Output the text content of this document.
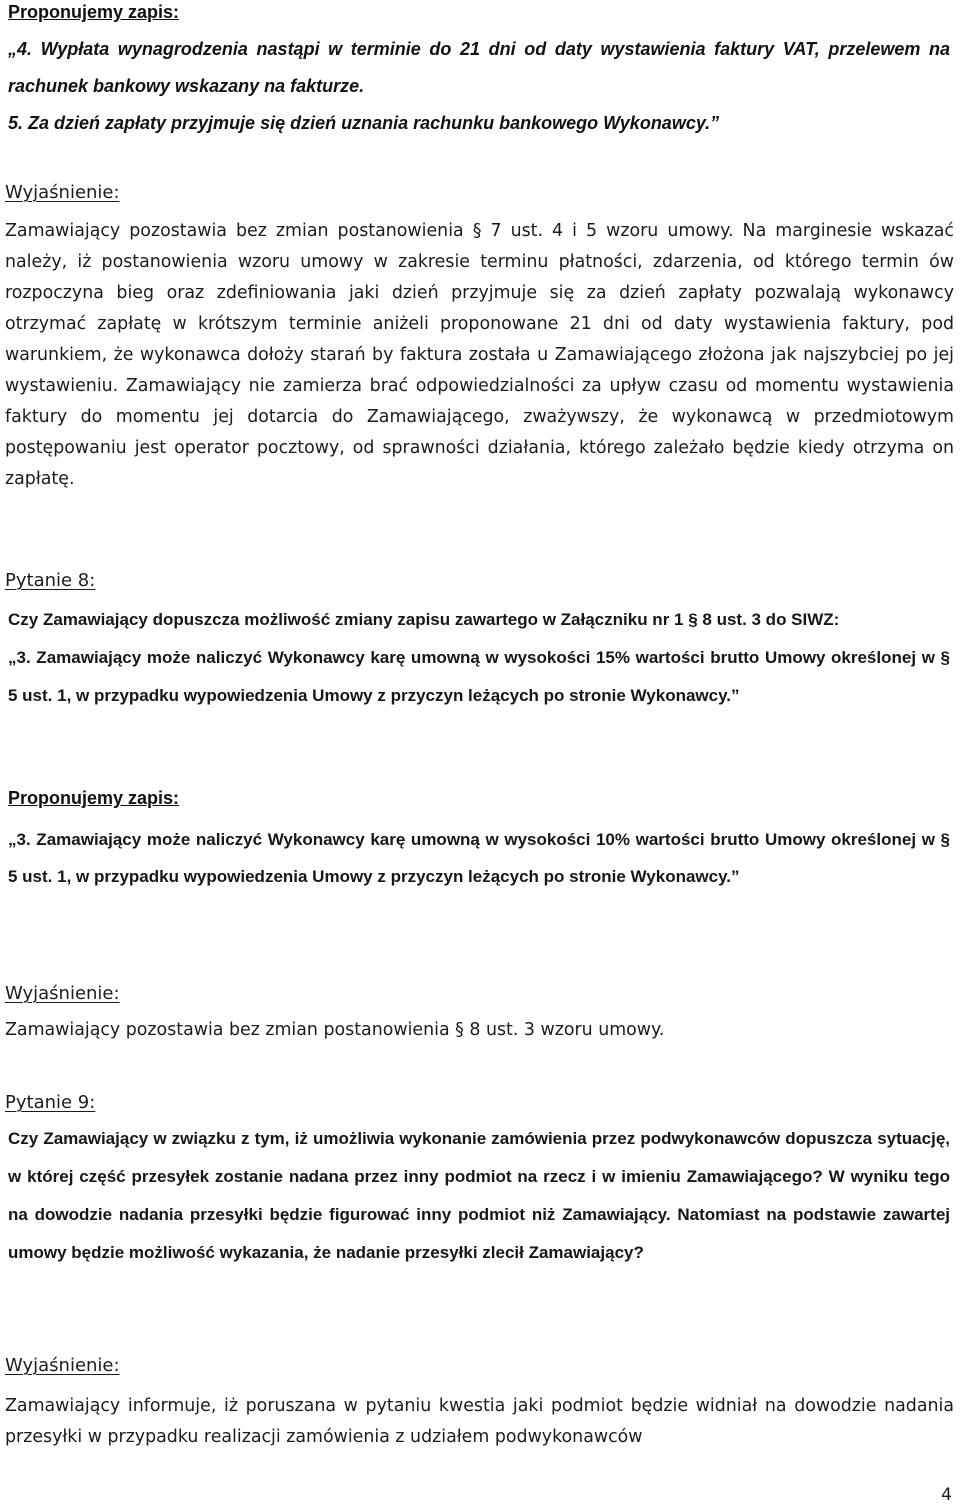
Proponujemy zapis:

„4. Wypłata wynagrodzenia nastąpi w terminie do 21 dni od daty wystawienia faktury VAT, przelewem na rachunek bankowy wskazany na fakturze.

5. Za dzień zapłaty przyjmuje się dzień uznania rachunku bankowego Wykonawcy.”

Wyjaśnienie:

Zamawiający pozostawia bez zmian postanowienia § 7 ust. 4 i 5 wzoru umowy. Na marginesie wskazać należy, iż postanowienia wzoru umowy w zakresie terminu płatności, zdarzenia, od którego termin ów rozpoczyna bieg oraz zdefiniowania jaki dzień przyjmuje się za dzień zapłaty pozwalają wykonawcy otrzymać zapłatę w krótszym terminie aniżeli proponowane 21 dni od daty wystawienia faktury, pod warunkiem, że wykonawca dołoży starań by faktura została u Zamawiającego złożona jak najszybciej po jej wystawieniu. Zamawiający nie zamierza brać odpowiedzialności za upływ czasu od momentu wystawienia faktury do momentu jej dotarcia do Zamawiającego, zważywszy, że wykonawcą w przedmiotowym postępowaniu jest operator pocztowy, od sprawności działania, którego zależało będzie kiedy otrzyma on zapłatę.

Pytanie 8:

Czy Zamawiający dopuszcza możliwość zmiany zapisu zawartego w Załączniku nr 1 § 8 ust. 3 do SIWZ:

„3. Zamawiający może naliczyć Wykonawcy karę umowną w wysokości 15% wartości brutto Umowy określonej w § 5 ust. 1, w przypadku wypowiedzenia Umowy z przyczyn leżących po stronie Wykonawcy.”

Proponujemy zapis:

„3. Zamawiający może naliczyć Wykonawcy karę umowną w wysokości 10% wartości brutto Umowy określonej w § 5 ust. 1, w przypadku wypowiedzenia Umowy z przyczyn leżących po stronie Wykonawcy.”

Wyjaśnienie:

Zamawiający pozostawia bez zmian postanowienia § 8 ust. 3 wzoru umowy.

Pytanie 9:

Czy Zamawiający w związku z tym, iż umożliwia wykonanie zamówienia przez podwykonawców dopuszcza sytuację, w której część przesyłek zostanie nadana przez inny podmiot na rzecz i w imieniu Zamawiającego? W wyniku tego na dowodzie nadania przesyłki będzie figurować inny podmiot niż Zamawiający. Natomiast na podstawie zawartej umowy będzie możliwość wykazania, że nadanie przesyłki zlecił Zamawiający?

Wyjaśnienie:

Zamawiający informuje, iż poruszana w pytaniu kwestia jaki podmiot będzie widniał na dowodzie nadania przesyłki w przypadku realizacji zamówienia z udziałem podwykonawców

4
